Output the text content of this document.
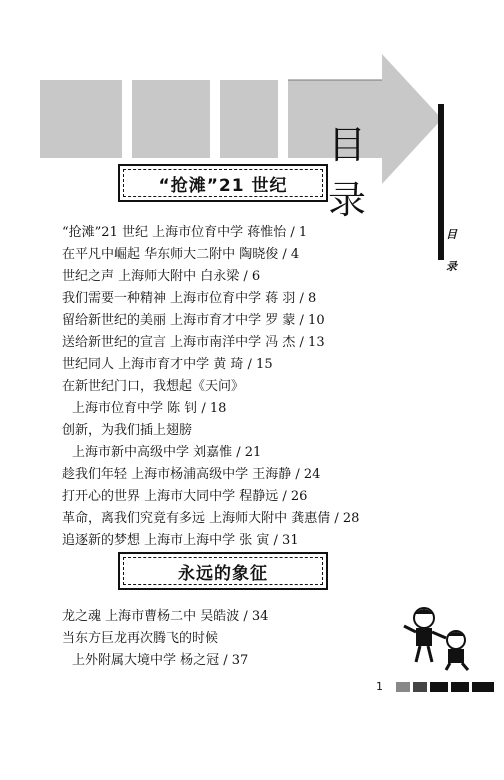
目 录
目
录
“抢滩”21 世纪
“抢滩”21 世纪 上海市位育中学 蒋惟怡 / 1
在平凡中崛起 华东师大二附中 陶晓俊 / 4
世纪之声 上海师大附中 白永梁 / 6
我们需要一种精神 上海市位育中学 蒋 羽 / 8
留给新世纪的美丽 上海市育才中学 罗 蒙 / 10
送给新世纪的宣言 上海市南洋中学 冯 杰 / 13
世纪同人 上海市育才中学 黄 琦 / 15
在新世纪门口，我想起《天问》
上海市位育中学 陈 钊 / 18
创新，为我们插上翅膀
上海市新中高级中学 刘嘉惟 / 21
趁我们年轻 上海市杨浦高级中学 王海静 / 24
打开心的世界 上海市大同中学 程静远 / 26
革命，离我们究竟有多远 上海师大附中 龚惠倩 / 28
追逐新的梦想 上海市上海中学 张 寅 / 31
永远的象征
龙之魂 上海市曹杨二中 吴皓波 / 34
当东方巨龙再次腾飞的时候
上外附属大境中学 杨之冠 / 37
1
